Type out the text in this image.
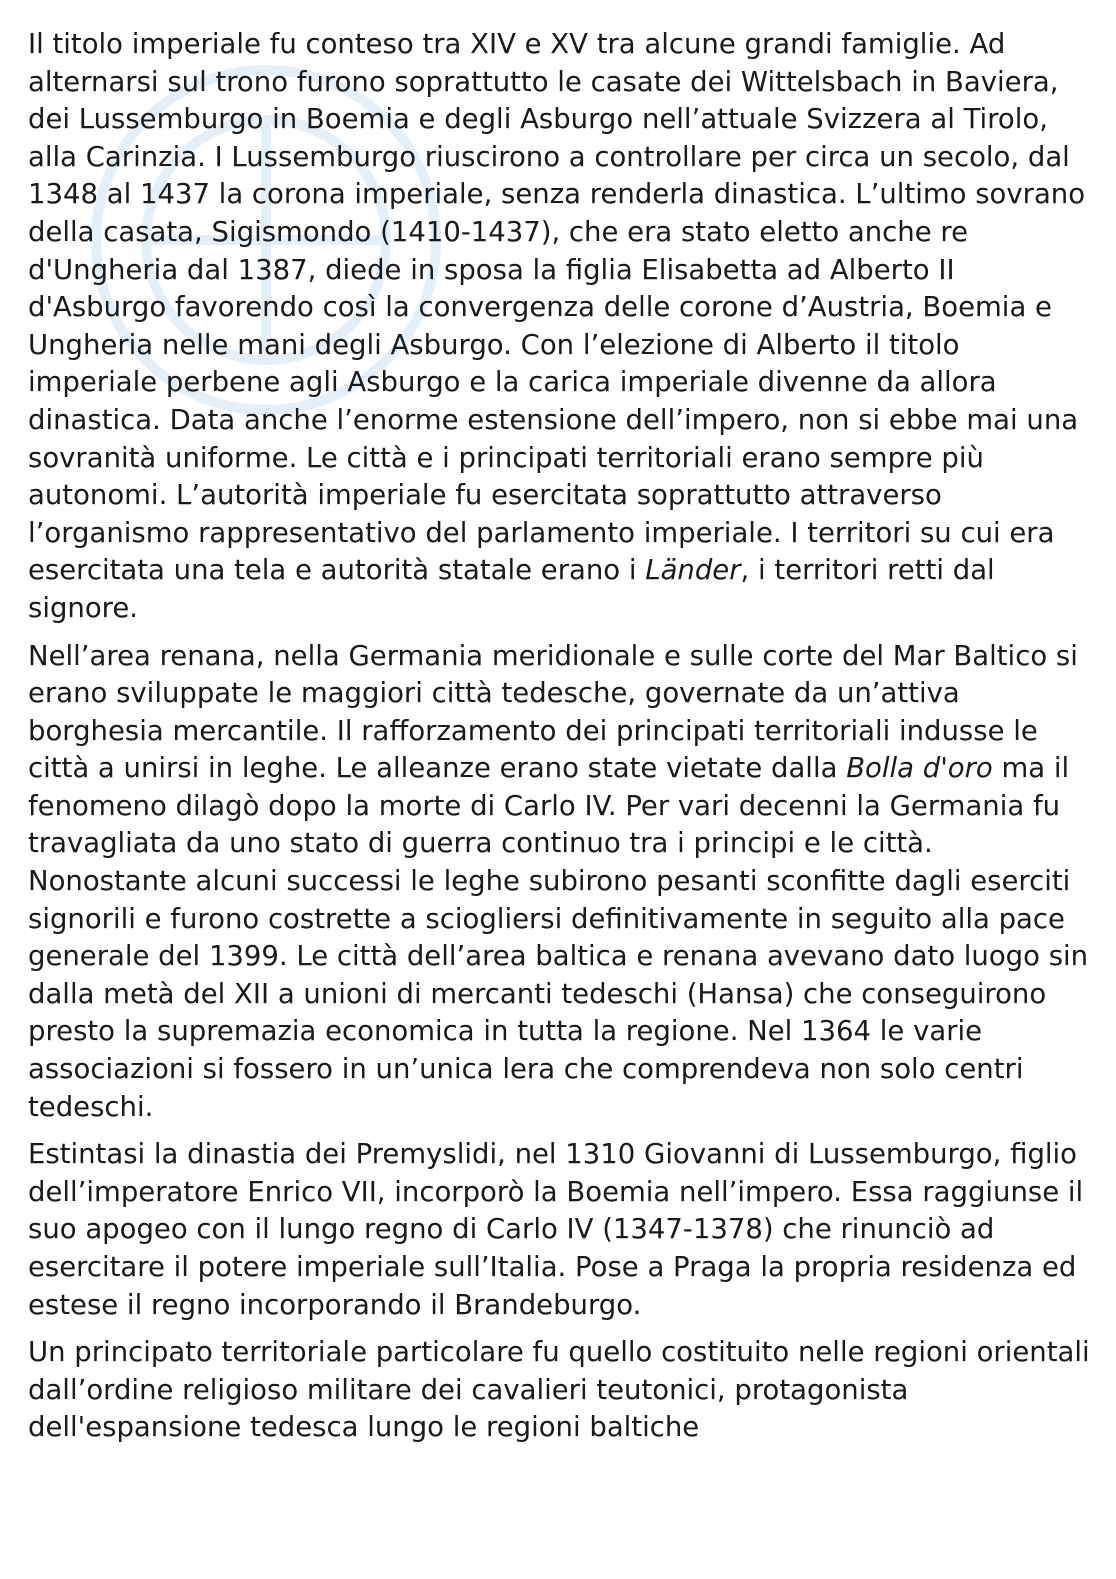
Il titolo imperiale fu conteso tra XIV e XV tra alcune grandi famiglie. Ad alternarsi sul trono furono soprattutto le casate dei Wittelsbach in Baviera, dei Lussemburgo in Boemia e degli Asburgo nell’attuale Svizzera al Tirolo, alla Carinzia. I Lussemburgo riuscirono a controllare per circa un secolo, dal 1348 al 1437 la corona imperiale, senza renderla dinastica. L’ultimo sovrano della casata, Sigismondo (1410-1437), che era stato eletto anche re d'Ungheria dal 1387, diede in sposa la figlia Elisabetta ad Alberto II d'Asburgo favorendo così la convergenza delle corone d’Austria, Boemia e Ungheria nelle mani degli Asburgo. Con l’elezione di Alberto il titolo imperiale perbene agli Asburgo e la carica imperiale divenne da allora dinastica. Data anche l’enorme estensione dell’impero, non si ebbe mai una sovranità uniforme. Le città e i principati territoriali erano sempre più autonomi. L’autorità imperiale fu esercitata soprattutto attraverso l’organismo rappresentativo del parlamento imperiale. I territori su cui era esercitata una tela e autorità statale erano i Länder, i territori retti dal signore.

Nell’area renana, nella Germania meridionale e sulle corte del Mar Baltico si erano sviluppate le maggiori città tedesche, governate da un’attiva borghesia mercantile. Il rafforzamento dei principati territoriali indusse le città a unirsi in leghe. Le alleanze erano state vietate dalla Bolla d'oro ma il fenomeno dilagò dopo la morte di Carlo IV. Per vari decenni la Germania fu travagliata da uno stato di guerra continuo tra i principi e le città. Nonostante alcuni successi le leghe subirono pesanti sconfitte dagli eserciti signorili e furono costrette a sciogliersi definitivamente in seguito alla pace generale del 1399. Le città dell’area baltica e renana avevano dato luogo sin dalla metà del XII a unioni di mercanti tedeschi (Hansa) che conseguirono presto la supremazia economica in tutta la regione. Nel 1364 le varie associazioni si fossero in un’unica lera che comprendeva non solo centri tedeschi.

Estintasi la dinastia dei Premyslidi, nel 1310 Giovanni di Lussemburgo, figlio dell’imperatore Enrico VII, incorporò la Boemia nell’impero. Essa raggiunse il suo apogeo con il lungo regno di Carlo IV (1347-1378) che rinunciò ad esercitare il potere imperiale sull’Italia. Pose a Praga la propria residenza ed estese il regno incorporando il Brandeburgo.

Un principato territoriale particolare fu quello costituito nelle regioni orientali dall’ordine religioso militare dei cavalieri teutonici, protagonista dell'espansione tedesca lungo le regioni baltiche
